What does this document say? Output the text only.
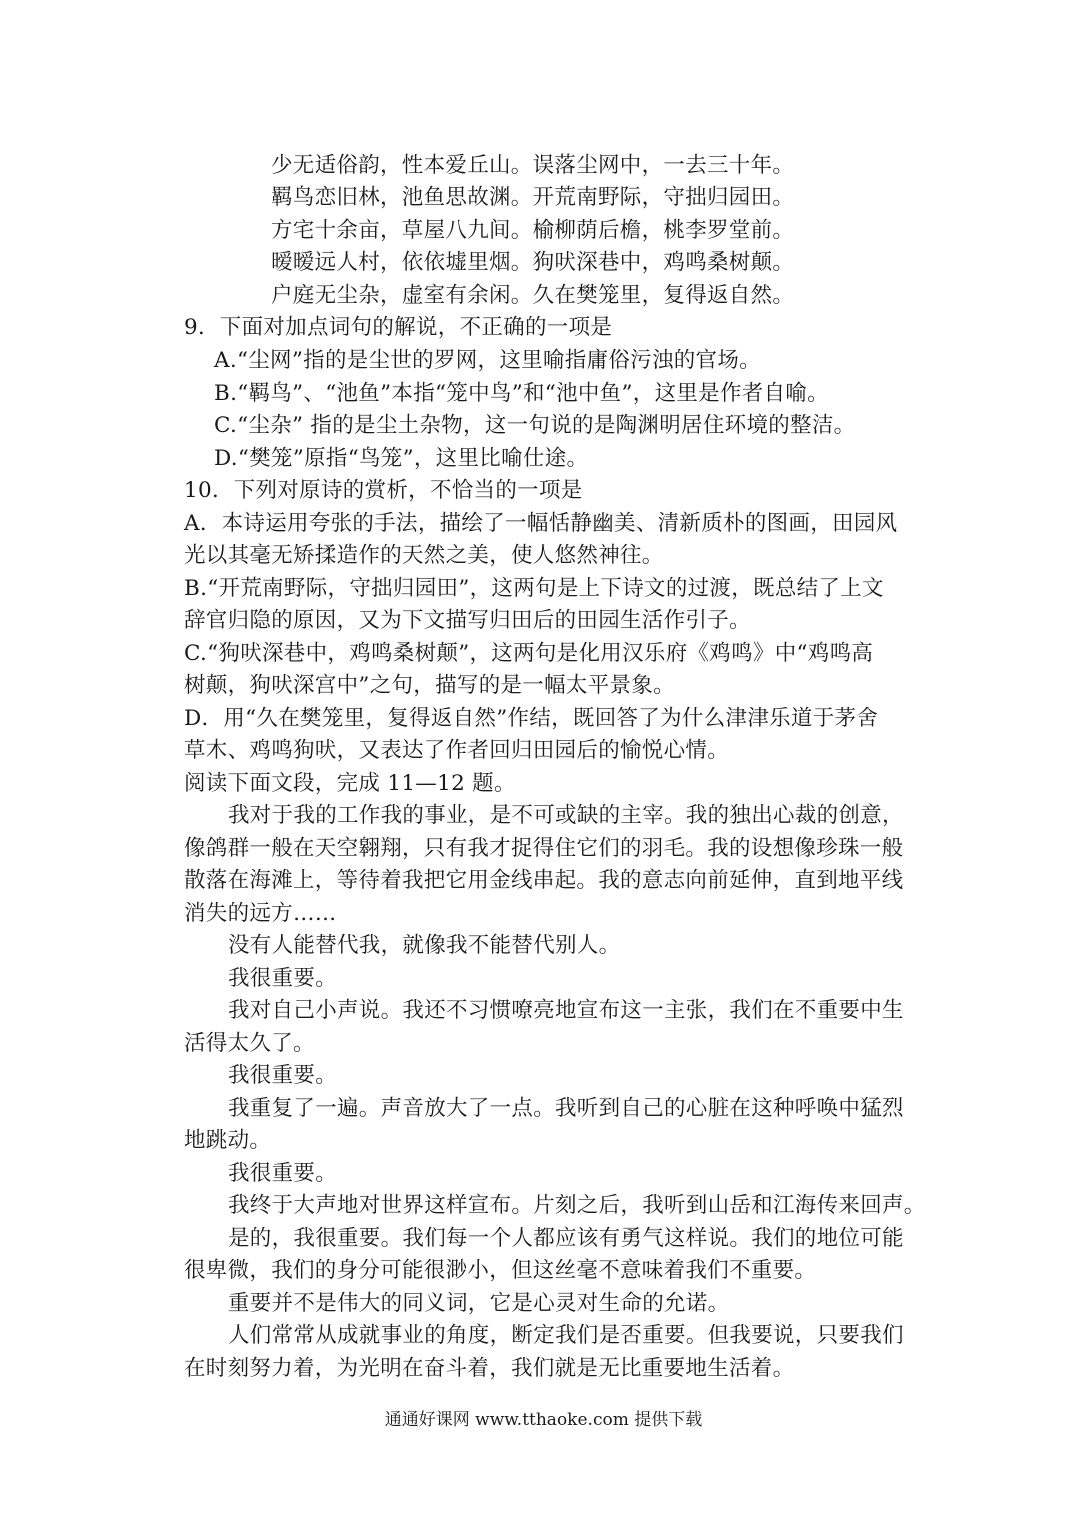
少无适俗韵，性本爱丘山。误落尘网中，一去三十年。
羁鸟恋旧林，池鱼思故渊。开荒南野际，守拙归园田。
方宅十余亩，草屋八九间。榆柳荫后檐，桃李罗堂前。
暧暧远人村，依依墟里烟。狗吠深巷中，鸡鸣桑树颠。
户庭无尘杂，虚室有余闲。久在樊笼里，复得返自然。
9．下面对加点词句的解说，不正确的一项是
A.“尘网”指的是尘世的罗网，这里喻指庸俗污浊的官场。
B.“羁鸟”、“池鱼”本指“笼中鸟”和“池中鱼”，这里是作者自喻。
C.“尘杂” 指的是尘土杂物，这一句说的是陶渊明居住环境的整洁。
D.“樊笼”原指“鸟笼”，这里比喻仕途。
10．下列对原诗的赏析，不恰当的一项是
A．本诗运用夸张的手法，描绘了一幅恬静幽美、清新质朴的图画，田园风
光以其毫无矫揉造作的天然之美，使人悠然神往。
B.“开荒南野际，守拙归园田”，这两句是上下诗文的过渡，既总结了上文
辞官归隐的原因，又为下文描写归田后的田园生活作引子。
C.“狗吠深巷中，鸡鸣桑树颠”，这两句是化用汉乐府《鸡鸣》中“鸡鸣高
树颠，狗吠深宫中”之句，描写的是一幅太平景象。
D．用“久在樊笼里，复得返自然”作结，既回答了为什么津津乐道于茅舍
草木、鸡鸣狗吠，又表达了作者回归田园后的愉悦心情。
阅读下面文段，完成 11—12 题。
我对于我的工作我的事业，是不可或缺的主宰。我的独出心裁的创意，
像鸽群一般在天空翱翔，只有我才捉得住它们的羽毛。我的设想像珍珠一般
散落在海滩上，等待着我把它用金线串起。我的意志向前延伸，直到地平线
消失的远方……
没有人能替代我，就像我不能替代别人。
我很重要。
我对自己小声说。我还不习惯嘹亮地宣布这一主张，我们在不重要中生
活得太久了。
我很重要。
我重复了一遍。声音放大了一点。我听到自己的心脏在这种呼唤中猛烈
地跳动。
我很重要。
我终于大声地对世界这样宣布。片刻之后，我听到山岳和江海传来回声。
是的，我很重要。我们每一个人都应该有勇气这样说。我们的地位可能
很卑微，我们的身分可能很渺小，但这丝毫不意味着我们不重要。
重要并不是伟大的同义词，它是心灵对生命的允诺。
人们常常从成就事业的角度，断定我们是否重要。但我要说，只要我们
在时刻努力着，为光明在奋斗着，我们就是无比重要地生活着。
通通好课网 www.tthaoke.com 提供下载
